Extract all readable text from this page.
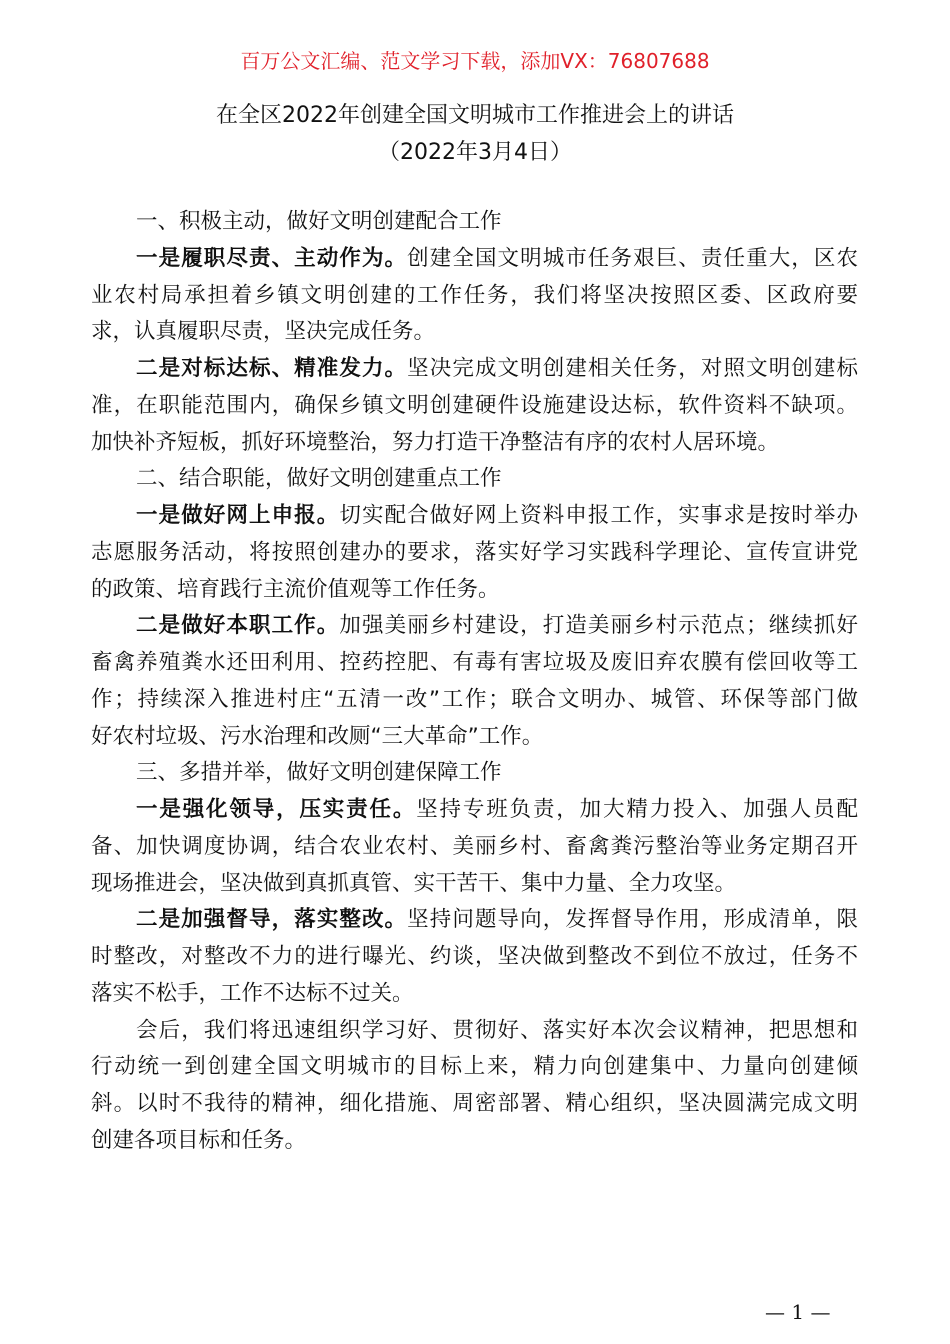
百万公文汇编、范文学习下载，添加VX：76807688
在全区2022年创建全国文明城市工作推进会上的讲话
（2022年3月4日）
一、积极主动，做好文明创建配合工作
一是履职尽责、主动作为。创建全国文明城市任务艰巨、责任重大，区农
业农村局承担着乡镇文明创建的工作任务，我们将坚决按照区委、区政府要
求，认真履职尽责，坚决完成任务。
二是对标达标、精准发力。坚决完成文明创建相关任务，对照文明创建标
准，在职能范围内，确保乡镇文明创建硬件设施建设达标，软件资料不缺项。
加快补齐短板，抓好环境整治，努力打造干净整洁有序的农村人居环境。
二、结合职能，做好文明创建重点工作
一是做好网上申报。切实配合做好网上资料申报工作，实事求是按时举办
志愿服务活动，将按照创建办的要求，落实好学习实践科学理论、宣传宣讲党
的政策、培育践行主流价值观等工作任务。
二是做好本职工作。加强美丽乡村建设，打造美丽乡村示范点；继续抓好
畜禽养殖粪水还田利用、控药控肥、有毒有害垃圾及废旧弃农膜有偿回收等工
作；持续深入推进村庄“五清一改”工作；联合文明办、城管、环保等部门做
好农村垃圾、污水治理和改厕“三大革命”工作。
三、多措并举，做好文明创建保障工作
一是强化领导，压实责任。坚持专班负责，加大精力投入、加强人员配
备、加快调度协调，结合农业农村、美丽乡村、畜禽粪污整治等业务定期召开
现场推进会，坚决做到真抓真管、实干苦干、集中力量、全力攻坚。
二是加强督导，落实整改。坚持问题导向，发挥督导作用，形成清单，限
时整改，对整改不力的进行曝光、约谈，坚决做到整改不到位不放过，任务不
落实不松手，工作不达标不过关。
会后，我们将迅速组织学习好、贯彻好、落实好本次会议精神，把思想和
行动统一到创建全国文明城市的目标上来，精力向创建集中、力量向创建倾
斜。以时不我待的精神，细化措施、周密部署、精心组织，坚决圆满完成文明
创建各项目标和任务。
— 1 —
